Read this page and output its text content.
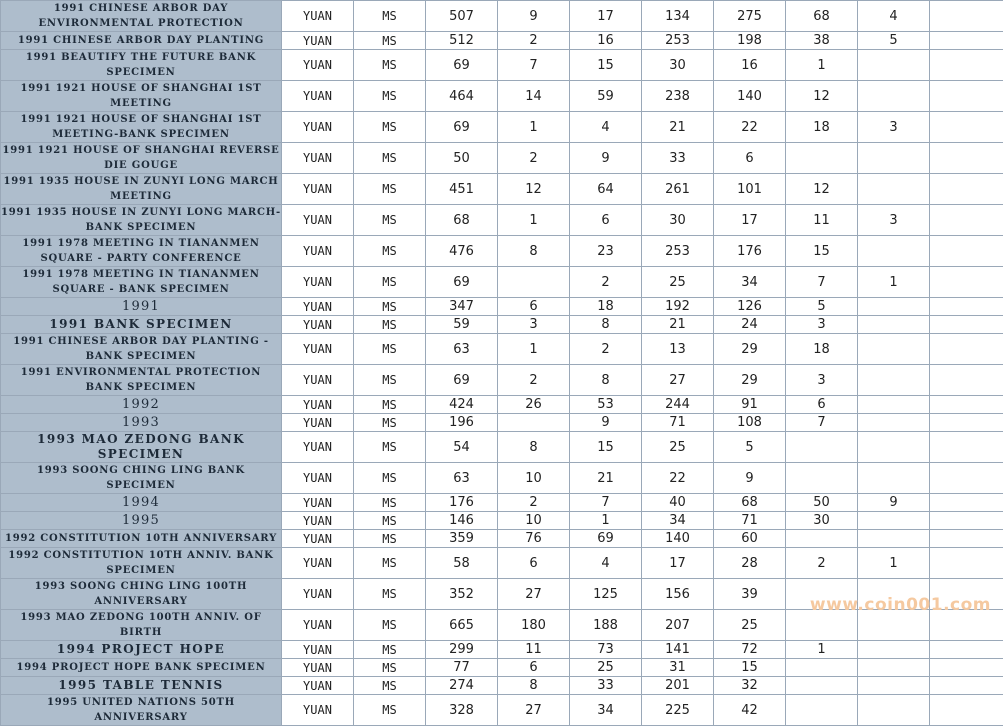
1991 CHINESE ARBOR DAY ENVIRONMENTAL PROTECTION	YUAN	MS	507	9	17	134	275	68	4	
1991 CHINESE ARBOR DAY PLANTING	YUAN	MS	512	2	16	253	198	38	5	
1991 BEAUTIFY THE FUTURE BANK SPECIMEN	YUAN	MS	69	7	15	30	16	1		
1991 1921 HOUSE OF SHANGHAI 1ST MEETING	YUAN	MS	464	14	59	238	140	12		
1991 1921 HOUSE OF SHANGHAI 1ST MEETING-BANK SPECIMEN	YUAN	MS	69	1	4	21	22	18	3	
1991 1921 HOUSE OF SHANGHAI REVERSE DIE GOUGE	YUAN	MS	50	2	9	33	6			
1991 1935 HOUSE IN ZUNYI LONG MARCH MEETING	YUAN	MS	451	12	64	261	101	12		
1991 1935 HOUSE IN ZUNYI LONG MARCH-BANK SPECIMEN	YUAN	MS	68	1	6	30	17	11	3	
1991 1978 MEETING IN TIANANMEN SQUARE - PARTY CONFERENCE	YUAN	MS	476	8	23	253	176	15		
1991 1978 MEETING IN TIANANMEN SQUARE - BANK SPECIMEN	YUAN	MS	69		2	25	34	7	1	
1991	YUAN	MS	347	6	18	192	126	5		
1991 BANK SPECIMEN	YUAN	MS	59	3	8	21	24	3		
1991 CHINESE ARBOR DAY PLANTING - BANK SPECIMEN	YUAN	MS	63	1	2	13	29	18		
1991 ENVIRONMENTAL PROTECTION BANK SPECIMEN	YUAN	MS	69	2	8	27	29	3		
1992	YUAN	MS	424	26	53	244	91	6		
1993	YUAN	MS	196		9	71	108	7		
1993 MAO ZEDONG BANK SPECIMEN	YUAN	MS	54	8	15	25	5			
1993 SOONG CHING LING BANK SPECIMEN	YUAN	MS	63	10	21	22	9			
1994	YUAN	MS	176	2	7	40	68	50	9	
1995	YUAN	MS	146	10	1	34	71	30		
1992 CONSTITUTION 10TH ANNIVERSARY	YUAN	MS	359	76	69	140	60			
1992 CONSTITUTION 10TH ANNIV. BANK SPECIMEN	YUAN	MS	58	6	4	17	28	2	1	
1993 SOONG CHING LING 100TH ANNIVERSARY	YUAN	MS	352	27	125	156	39			
1993 MAO ZEDONG 100TH ANNIV. OF BIRTH	YUAN	MS	665	180	188	207	25			
1994 PROJECT HOPE	YUAN	MS	299	11	73	141	72	1		
1994 PROJECT HOPE BANK SPECIMEN	YUAN	MS	77	6	25	31	15			
1995 TABLE TENNIS	YUAN	MS	274	8	33	201	32			
1995 UNITED NATIONS 50TH ANNIVERSARY	YUAN	MS	328	27	34	225	42			
www.coin001.com
